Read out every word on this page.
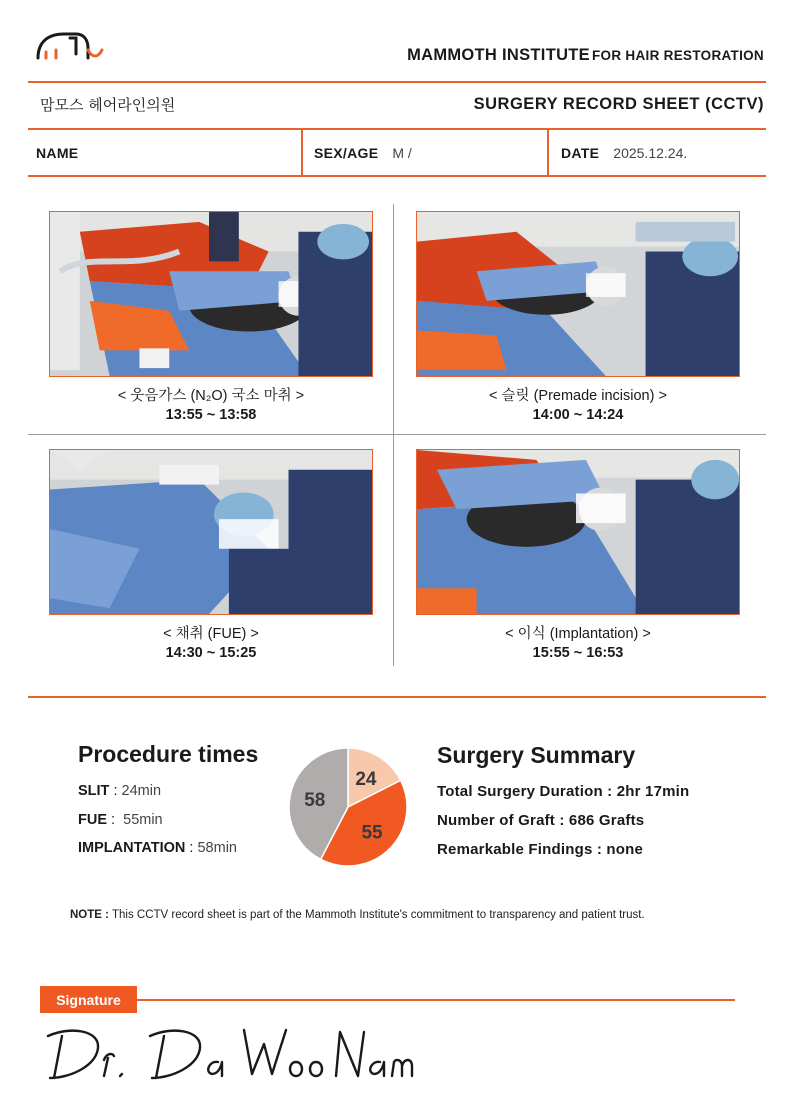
MAMMOTH INSTITUTE FOR HAIR RESTORATION
맘모스 헤어라인의원	SURGERY RECORD SHEET (CCTV)
NAME	SEX/AGE M /	DATE 2025.12.24.
< 웃음가스 (N₂O) 국소 마취 >
13:55 ~ 13:58
< 슬릿 (Premade incision) >
14:00 ~ 14:24
< 채취 (FUE) >
14:30 ~ 15:25
< 이식 (Implantation) >
15:55 ~ 16:53
Procedure times
SLIT : 24min
FUE :  55min
IMPLANTATION : 58min
24
55
58
Surgery Summary
Total Surgery Duration : 2hr 17min
Number of Graft : 686 Grafts
Remarkable Findings : none
NOTE : This CCTV record sheet is part of the Mammoth Institute's commitment to transparency and patient trust.
Signature
